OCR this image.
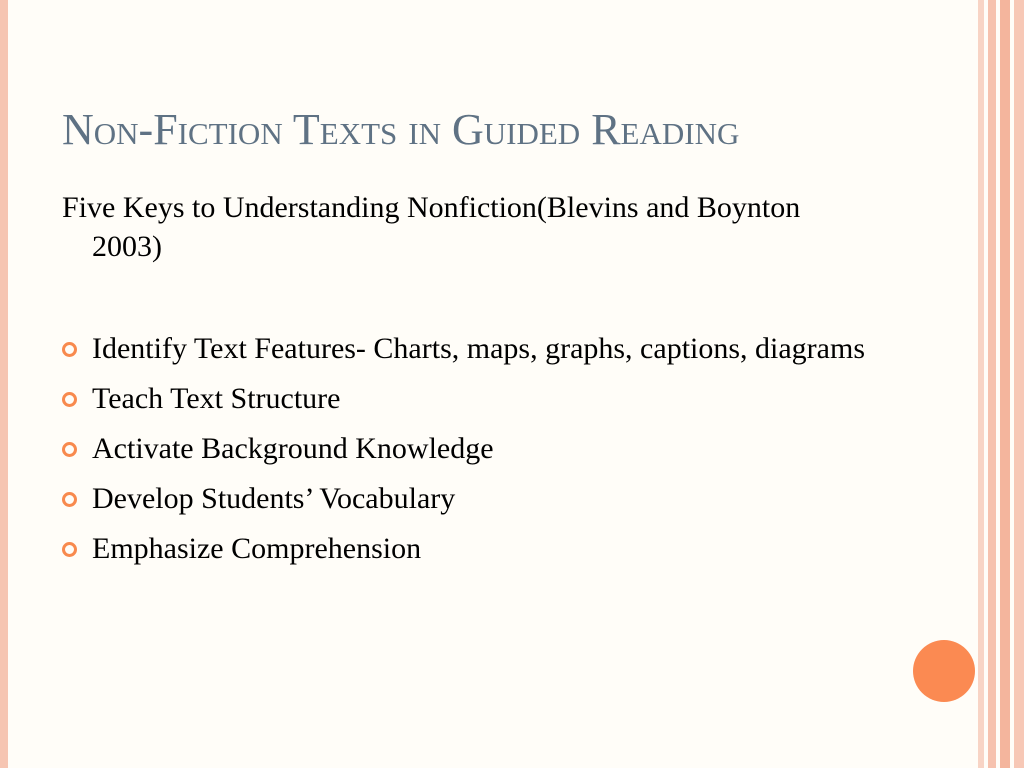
Non-Fiction Texts in Guided Reading

Five Keys to Understanding Nonfiction(Blevins and Boynton 2003)

Identify Text Features- Charts, maps, graphs, captions, diagrams
Teach Text Structure
Activate Background Knowledge
Develop Students’ Vocabulary
Emphasize Comprehension
